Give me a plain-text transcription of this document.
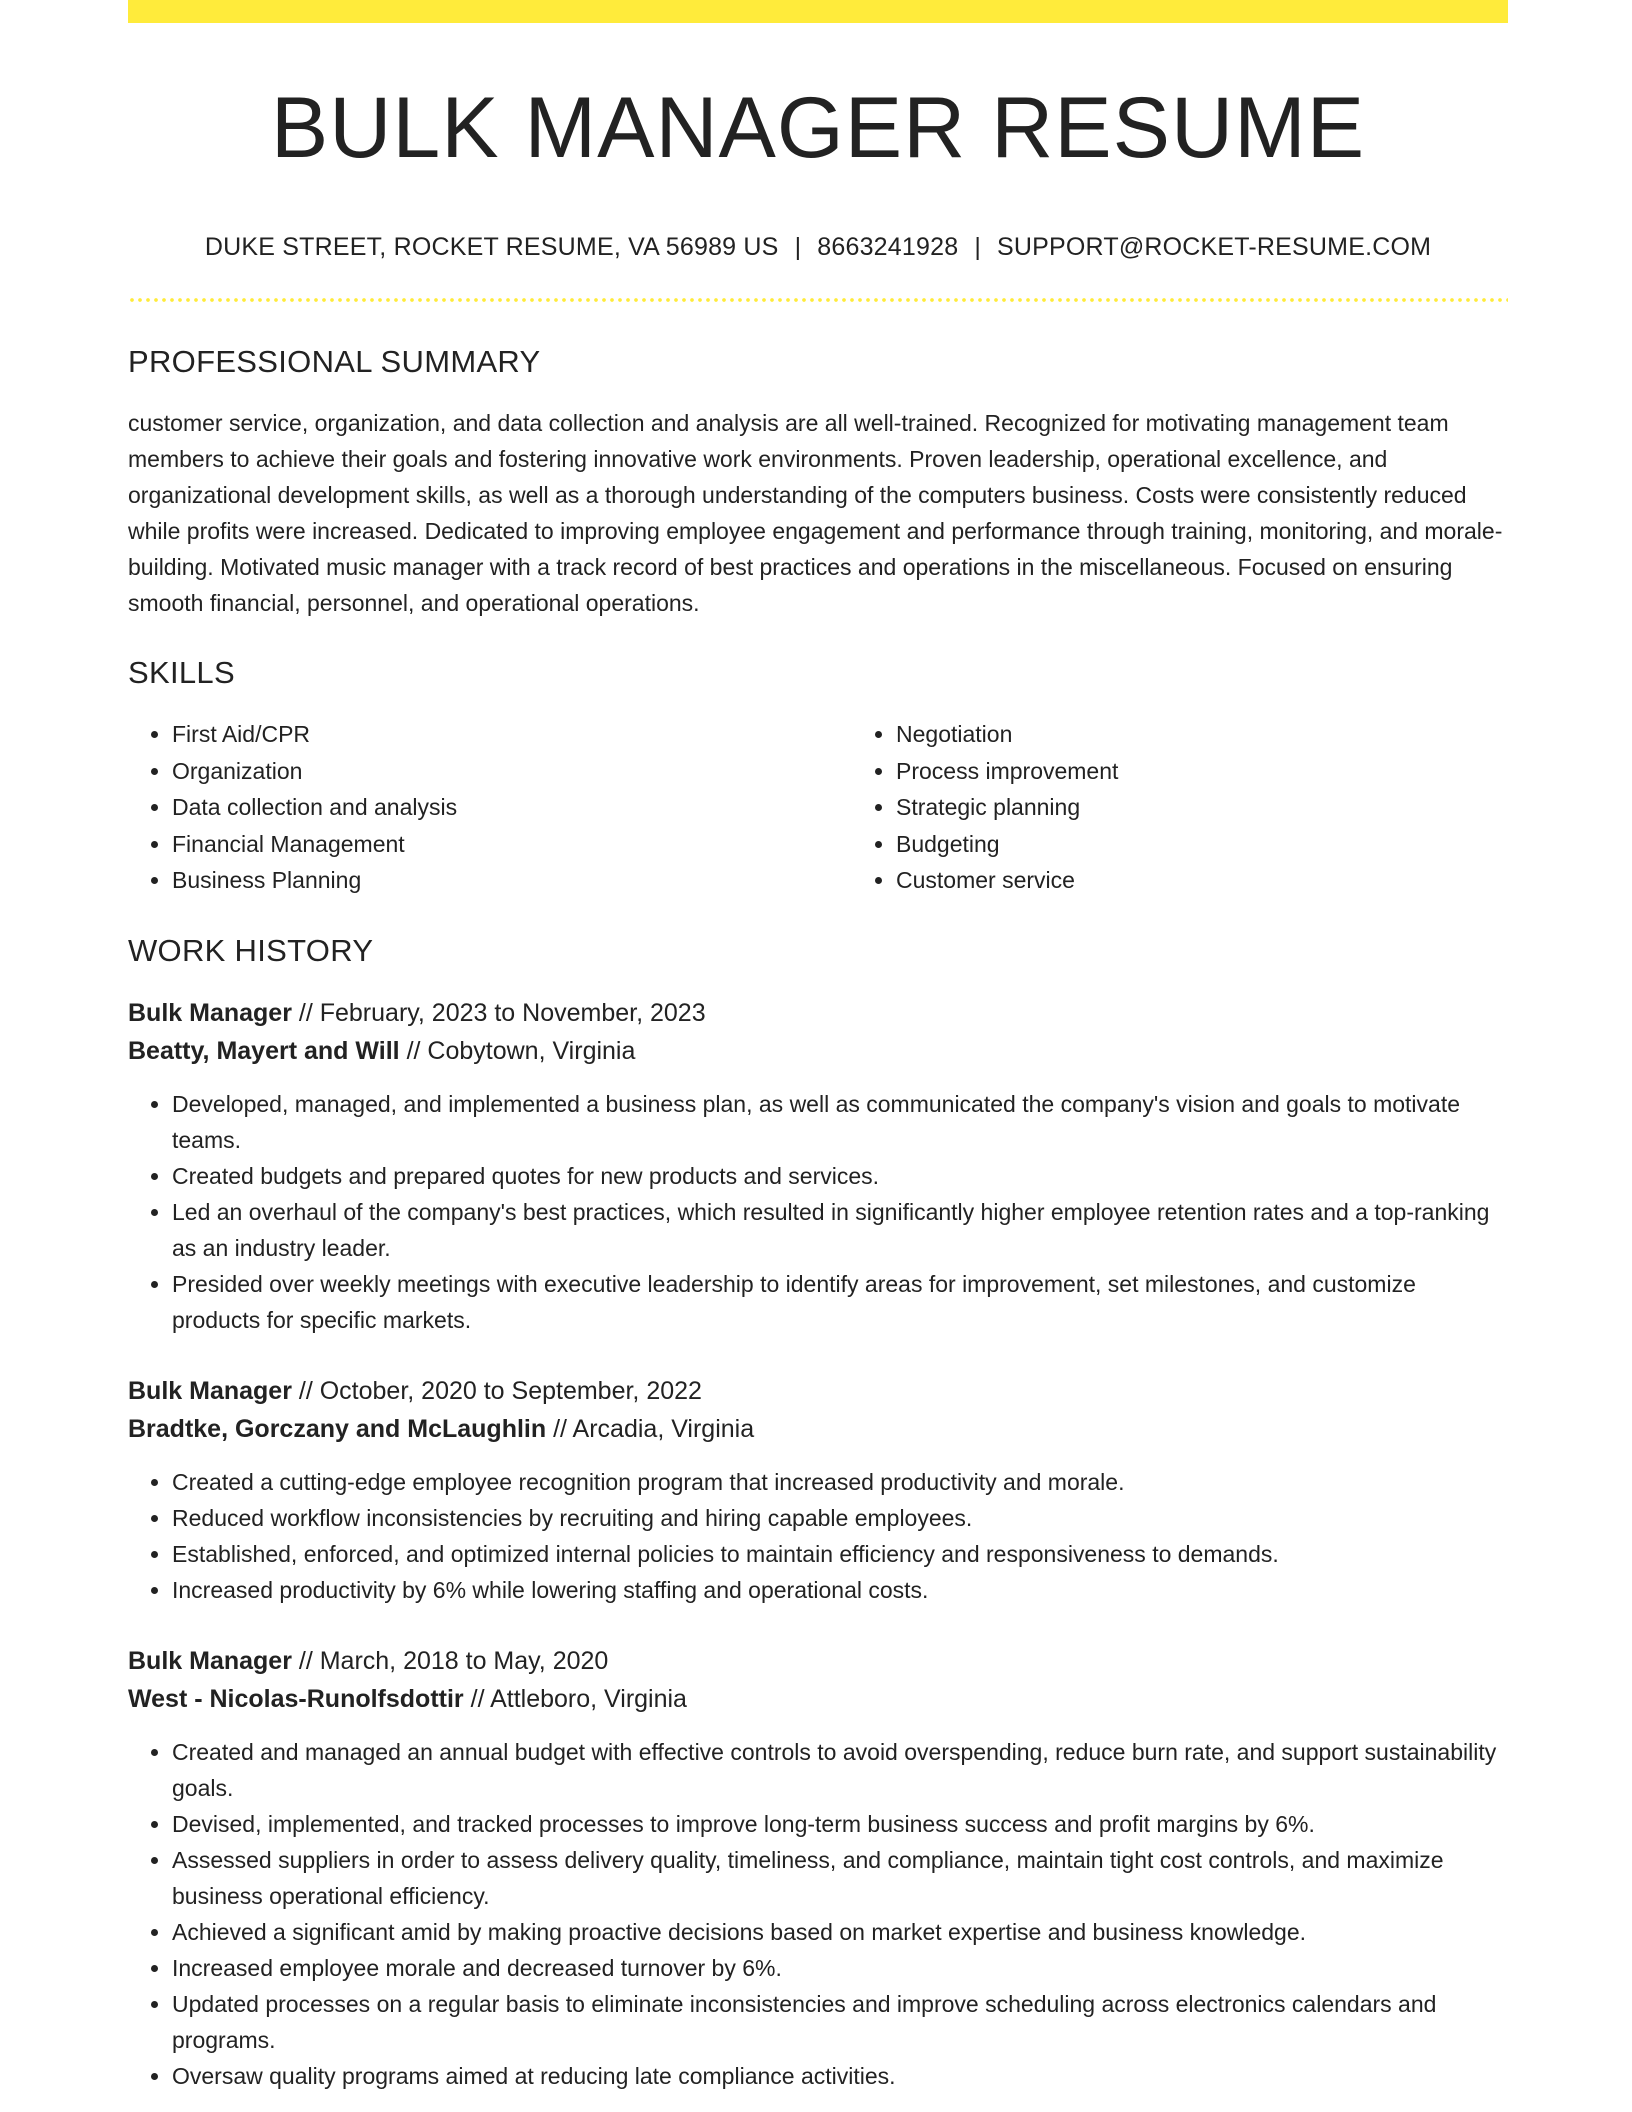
BULK MANAGER RESUME
DUKE STREET, ROCKET RESUME, VA 56989 US | 8663241928 | SUPPORT@ROCKET-RESUME.COM
PROFESSIONAL SUMMARY

customer service, organization, and data collection and analysis are all well-trained. Recognized for motivating management team members to achieve their goals and fostering innovative work environments. Proven leadership, operational excellence, and organizational development skills, as well as a thorough understanding of the computers business. Costs were consistently reduced while profits were increased. Dedicated to improving employee engagement and performance through training, monitoring, and morale-building. Motivated music manager with a track record of best practices and operations in the miscellaneous. Focused on ensuring smooth financial, personnel, and operational operations.

SKILLS
• First Aid/CPR
• Organization
• Data collection and analysis
• Financial Management
• Business Planning
• Negotiation
• Process improvement
• Strategic planning
• Budgeting
• Customer service
WORK HISTORY
Bulk Manager // February, 2023 to November, 2023
Beatty, Mayert and Will // Cobytown, Virginia
• Developed, managed, and implemented a business plan, as well as communicated the company's vision and goals to motivate teams.
• Created budgets and prepared quotes for new products and services.
• Led an overhaul of the company's best practices, which resulted in significantly higher employee retention rates and a top-ranking as an industry leader.
• Presided over weekly meetings with executive leadership to identify areas for improvement, set milestones, and customize products for specific markets.
Bulk Manager // October, 2020 to September, 2022
Bradtke, Gorczany and McLaughlin // Arcadia, Virginia
• Created a cutting-edge employee recognition program that increased productivity and morale.
• Reduced workflow inconsistencies by recruiting and hiring capable employees.
• Established, enforced, and optimized internal policies to maintain efficiency and responsiveness to demands.
• Increased productivity by 6% while lowering staffing and operational costs.
Bulk Manager // March, 2018 to May, 2020
West - Nicolas-Runolfsdottir // Attleboro, Virginia
• Created and managed an annual budget with effective controls to avoid overspending, reduce burn rate, and support sustainability goals.
• Devised, implemented, and tracked processes to improve long-term business success and profit margins by 6%.
• Assessed suppliers in order to assess delivery quality, timeliness, and compliance, maintain tight cost controls, and maximize business operational efficiency.
• Achieved a significant amid by making proactive decisions based on market expertise and business knowledge.
• Increased employee morale and decreased turnover by 6%.
• Updated processes on a regular basis to eliminate inconsistencies and improve scheduling across electronics calendars and programs.
• Oversaw quality programs aimed at reducing late compliance activities.
